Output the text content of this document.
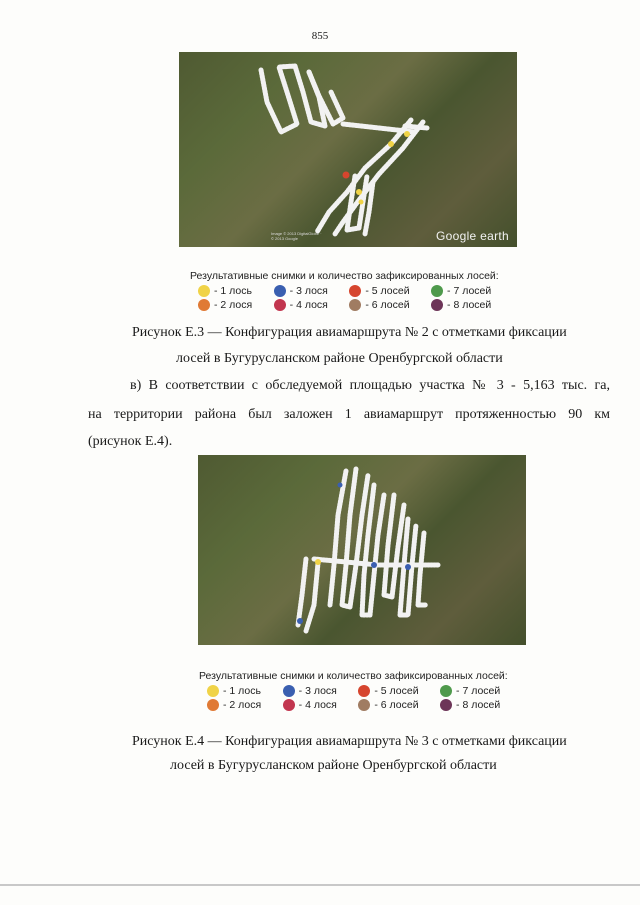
855
Image © 2013 DigitalGlobe · © 2013 Google	Google earth
Результативные снимки и количество зафиксированных лосей:
- 1 лось	- 3 лося	- 5 лосей	- 7 лосей
- 2 лося	- 4 лося	- 6 лосей	- 8 лосей
Рисунок Е.3 — Конфигурация авиамаршрута № 2 с отметками фиксации
лосей в Бугурусланском районе Оренбургской области
в) В соответствии с обследуемой площадью участка № 3 - 5,163 тыс. га,
на территории района был заложен 1 авиамаршрут протяженностью 90 км
(рисунок Е.4).
Результативные снимки и количество зафиксированных лосей:
- 1 лось	- 3 лося	- 5 лосей	- 7 лосей
- 2 лося	- 4 лося	- 6 лосей	- 8 лосей
Рисунок Е.4 — Конфигурация авиамаршрута № 3 с отметками фиксации
лосей в Бугурусланском районе Оренбургской области
